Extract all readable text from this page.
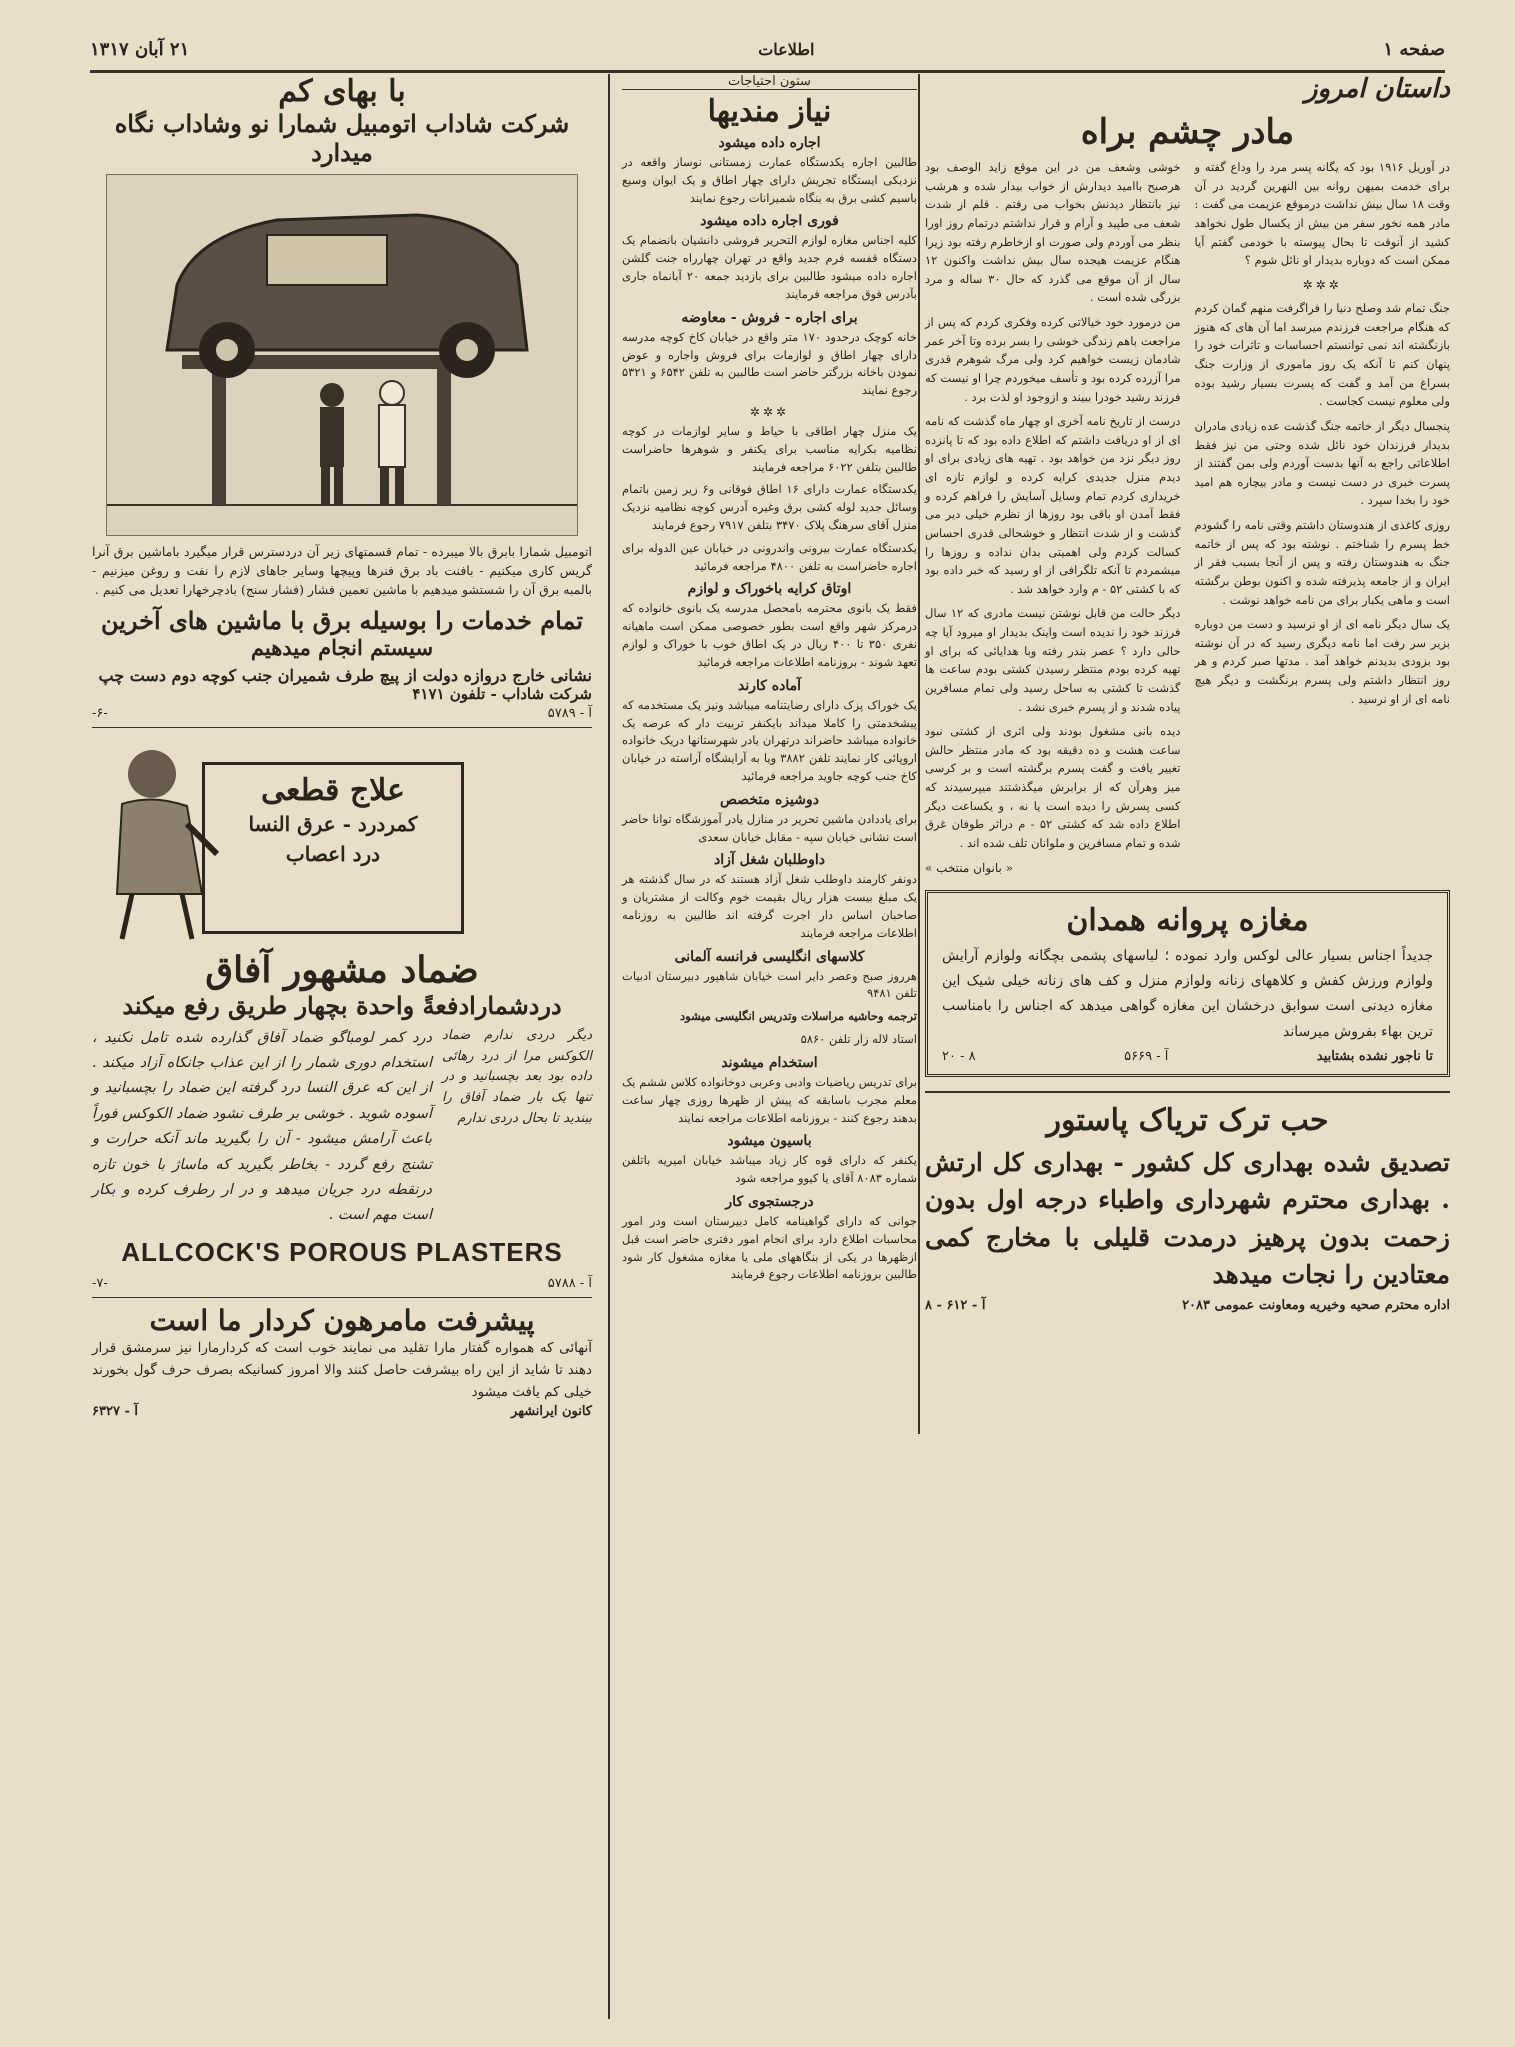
۲۱ آبان ۱۳۱۷	اطلاعات	صفحه ۱
با بهای کم
شرکت شاداب اتومبیل شمارا نو وشاداب نگاه میدارد
اتومبیل شمارا بابرق بالا میبرده - تمام قسمتهای زیر آن دردسترس قرار میگیرد باماشین برق آنرا گریس کاری میکنیم - بافنت باد برق فنرها وپیچها وسایر جاهای لازم را نفت و روغن میزنیم - بالمبه برق آن را شستشو میدهیم با ماشین تعمین فشار (فشار سنج) بادچرخهارا تعدیل می کنیم .
تمام خدمات را بوسیله برق با ماشین های آخرین
سیستم انجام میدهیم
نشانی خارج دروازه دولت از پیچ طرف شمیران جنب کوچه دوم دست چپ
شرکت شاداب - تلفون ۴۱۷۱
آ - ۵۷۸۹
-۶-
علاج قطعی
کمردرد - عرق النسا
درد اعصاب
ضماد مشهور آفاق
دردشمارادفعةً واحدة بچهار طریق رفع میکند
دیگر دردی ندارم ضماد الکوکس مرا از درد رهائی داده بود بعد بچسبانید و در تنها یک بار ضماد آفاق را ببندید تا بحال دردی ندارم
درد کمر لومباگو ضماد آفاق گذارده شده تامل نکنید ، استخدام دوری شمار را از این عذاب جانکاه آزاد میکند . از این که عرق النسا درد گرفته این ضماد را بچسبانید و آسوده شوید . خوشی بر طرف نشود ضماد الکوکس فوراً باعث آرامش میشود - آن را بگیرید ماند آنکه حرارت و تشنج رفع گردد - بخاطر بگیرید که ماساژ با خون تازه درنقطه درد جریان میدهد و در ار رطرف کرده و بکار است مهم است .
ALLCOCK'S POROUS PLASTERS
آ - ۵۷۸۸
-۷-
پیشرفت مامرهون کردار ما است
آنهائی که همواره گفتار مارا تقلید می نمایند خوب است که کردارمارا نیز سرمشق قرار دهند تا شاید از این راه بیشرفت حاصل کنند والا امروز کسانیکه بصرف حرف گول بخورند خیلی کم یافت میشود
کانون ایرانشهر
آ - ۶۳۲۷
ستون احتیاجات
نیاز مندیها
اجاره داده میشود

طالبین اجاره یکدستگاه عمارت زمستانی نوساز واقعه در نزدیکی ایستگاه تجریش دارای چهار اطاق و یک ایوان وسیع باسیم کشی برق به بنگاه شمیرانات رجوع نمایند

فوری اجاره داده میشود

کلیه اجناس مغازه لوازم التحریر فروشی دانشیان بانضمام یک دستگاه قفسه فرم جدید واقع در تهران چهارراه جنت گلشن اجاره داده میشود طالبین برای بازدید جمعه ۲۰ آبانماه جاری بآدرس فوق مراجعه فرمایند

برای اجاره - فروش - معاوضه

خانه کوچک درحدود ۱۷۰ متر واقع در خیابان کاخ کوچه مدرسه دارای چهار اطاق و لوازمات برای فروش واجاره و عوض نمودن باخانه بزرگتر حاضر است طالبین به تلفن ۶۵۴۲ و ۵۳۲۱ رجوع نمایند

✲✲✲

یک منزل چهار اطاقی با حیاط و سایر لوازمات در کوچه نظامیه بکرایه مناسب برای یکنفر و شوهرها حاضراست طالبین بتلفن ۶۰۲۲ مراجعه فرمایند

یکدستگاه عمارت دارای ۱۶ اطاق فوقانی و۶ زیر زمین باتمام وسائل جدید لوله کشی برق وغیره آدرس کوچه نظامیه نزدیک منزل آقای سرهنگ پلاک ۳۴۷۰ بتلفن ۷۹۱۷ رجوع فرمایند

یکدستگاه عمارت بیرونی واندرونی در خیابان عین الدوله برای اجاره حاضراست به تلفن ۴۸۰۰ مراجعه فرمائید

اوتاق کرایه باخوراک و لوازم

فقط یک بانوی محترمه بامحصل مدرسه یک بانوی خانواده که درمرکز شهر واقع است بطور خصوصی ممکن است ماهیانه نفری ۳۵۰ تا ۴۰۰ ریال در یک اطاق خوب با خوراک و لوازم تعهد شوند - بروزنامه اطلاعات مراجعه فرمائید

آماده کارند

یک خوراک پزک دارای رضایتنامه میباشد ونیز یک مستخدمه که پیشخدمتی را کاملا میداند بایکنفر تربیت دار که عرصه یک خانواده میباشد حاضراند درتهران یادر شهرستانها دریک خانواده اروپائی کار نمایند تلفن ۳۸۸۲ ویا به آرایشگاه آراسته در خیابان کاخ جنب کوچه جاوید مراجعه فرمائید

دوشیزه متخصص

برای یاددادن ماشین تحریر در منازل یادر آموزشگاه توانا حاضر است نشانی خیابان سپه - مقابل خیابان سعدی

داوطلبان شغل آزاد

دونفر کارمند داوطلب شغل آزاد هستند که در سال گذشته هر یک مبلغ بیست هزار ریال بقیمت خوم وکالت از مشتریان و صاحبان اساس دار اجرت گرفته اند طالبین به روزنامه اطلاعات مراجعه فرمایند

کلاسهای انگلیسی فرانسه آلمانی

هرروز صبح وعصر دایر است خیابان شاهپور دبیرستان ادبیات تلفن ۹۴۸۱

ترجمه وحاشیه مراسلات وتدریس انگلیسی میشود

استاد لاله زار تلفن ۵۸۶۰

استخدام میشوند

برای تدریس ریاضیات وادبی وعربی دوخانواده کلاس ششم یک معلم مجرب باسابقه که پیش از ظهرها روزی چهار ساعت بدهند رجوع کنند - بروزنامه اطلاعات مراجعه نمایند

باسیون میشود

یکنفر که دارای قوه کار زیاد میباشد خیابان امیریه باتلفن شماره ۸۰۸۳ آقای یا کیوو مراجعه شود

درجستجوی کار

جوانی که دارای گواهینامه کامل دبیرستان است ودر امور محاسبات اطلاع دارد برای انجام امور دفتری حاضر است قبل ازظهرها در یکی از بنگاههای ملی یا مغازه مشغول کار شود طالبین بروزنامه اطلاعات رجوع فرمایند

داستان امروز
مادر چشم براه

در آوریل ۱۹۱۶ بود که یگانه پسر مرد را وداع گفته و برای خدمت بمیهن روانه بین النهرین گردید در آن وقت ۱۸ سال بیش نداشت درموقع عزیمت می گفت : مادر همه نخور سفر من بیش از یکسال طول نخواهد کشید از آنوقت تا بحال پیوسته با خودمی گفتم آیا ممکن است که دوباره بدیدار او نائل شوم ؟

✲✲✲

جنگ تمام شد وصلح دنیا را فراگرفت منهم گمان کردم که هنگام مراجعت فرزندم میرسد اما آن های که هنوز بازنگشته اند نمی توانستم احساسات و تاثرات خود را پنهان کنم تا آنکه یک روز ماموری از وزارت جنگ بسراغ من آمد و گفت که پسرت بسیار رشید بوده ولی معلوم نیست کجاست .

پنجسال دیگر از خاتمه جنگ گذشت عده زیادی مادران بدیدار فرزندان خود نائل شده وحتی من نیز فقط اطلاعاتی راجع به آنها بدست آوردم ولی بمن گفتند از پسرت خبری در دست نیست و مادر بیچاره هم امید خود را بخدا سپرد .

روزی کاغذی از هندوستان داشتم وقتی نامه را گشودم خط پسرم را شناختم . نوشته بود که پس از خاتمه جنگ به هندوستان رفته و پس از آنجا بسبب فقر از ایران و از جامعه پذیرفته شده و اکنون بوطن برگشته است و ماهی یکبار برای من نامه خواهد نوشت .

یک سال دیگر نامه ای از او نرسید و دست من دوباره بزیر سر رفت اما نامه دیگری رسید که در آن نوشته بود بزودی بدیدنم خواهد آمد . مدتها صبر کردم و هر روز انتظار داشتم ولی پسرم برنگشت و دیگر هیچ نامه ای از او نرسید .

خوشی وشعف من در این موقع زاید الوصف بود هرصبح باامید دیدارش از خواب بیدار شده و هرشب نیز بانتظار دیدنش بخواب می رفتم . قلم از شدت شعف می طپید و آرام و قرار نداشتم درتمام روز اورا بنظر می آوردم ولی صورت او ازخاطرم رفته بود زیرا هنگام عزیمت هیجده سال بیش نداشت واکنون ۱۲ سال از آن موقع می گذرد که حال ۳۰ ساله و مرد بزرگی شده است .

من درمورد خود خیالاتی کرده وفکری کردم که پس از مراجعت باهم زندگی خوشی را بسر برده وتا آخر عمر شادمان زیست خواهیم کرد ولی مرگ شوهرم قدری مرا آزرده کرده بود و تأسف میخوردم چرا او نیست که فرزند رشید خودرا ببیند و ازوجود او لذت برد .

درست از تاریخ نامه آخری او چهار ماه گذشت که نامه ای از او دریافت داشتم که اطلاع داده بود که تا پانزده روز دیگر نزد من خواهد بود . تهیه های زیادی برای او دیدم منزل جدیدی کرایه کرده و لوازم تازه ای خریداری کردم تمام وسایل آسایش را فراهم کرده و فقط آمدن او باقی بود روزها از نظرم خیلی دیر می گذشت و از شدت انتظار و خوشحالی قدری احساس کسالت کردم ولی اهمیتی بدان نداده و روزها را میشمردم تا آنکه تلگرافی از او رسید که خبر داده بود که با کشتی ۵۲ - م وارد خواهد شد .

دیگر حالت من قابل نوشتن نیست مادری که ۱۲ سال فرزند خود را ندیده است واینک بدیدار او میرود آیا چه حالی دارد ؟ عصر بندر رفته وبا هدایائی که برای او تهیه کرده بودم منتظر رسیدن کشتی بودم ساعت ها گذشت تا کشتی به ساحل رسید ولی تمام مسافرین پیاده شدند و از پسرم خبری نشد .

دیده بانی مشغول بودند ولی اثری از کشتی نبود ساعت هشت و ده دقیقه بود که مادر منتظر حالش تغییر یافت و گفت پسرم برگشته است و بر کرسی میز وهرآن که از برابرش میگذشتند میپرسیدند که کسی پسرش را دیده است یا نه ، و یکساعت دیگر اطلاع داده شد که کشتی ۵۲ - م دراثر طوفان غرق شده و تمام مسافرین و ملوانان تلف شده اند .

« بانوان منتخب »
مغازه پروانه همدان
جدیداً اجناس بسیار عالی لوکس وارد نموده ؛ لباسهای پشمی بچگانه ولوازم آرایش ولوازم ورزش کفش و کلاههای زنانه ولوازم منزل و کف های زنانه خیلی شیک این مغازه دیدنی است سوابق درخشان این مغازه گواهی میدهد که اجناس را بامناسب ترین بهاء بفروش میرساند
تا ناجور نشده بشتابید
آ - ۵۶۶۹
۸ - ۲۰
حب ترک تریاک پاستور
تصدیق شده بهداری کل کشور - بهداری کل ارتش . بهداری محترم شهرداری واطباء درجه اول بدون زحمت بدون پرهیز درمدت قلیلی با مخارج کمی معتادین را نجات میدهد
اداره محترم صحیه وخیریه ومعاونت عمومی ۲۰۸۳
آ - ۶۱۲ - ۸
